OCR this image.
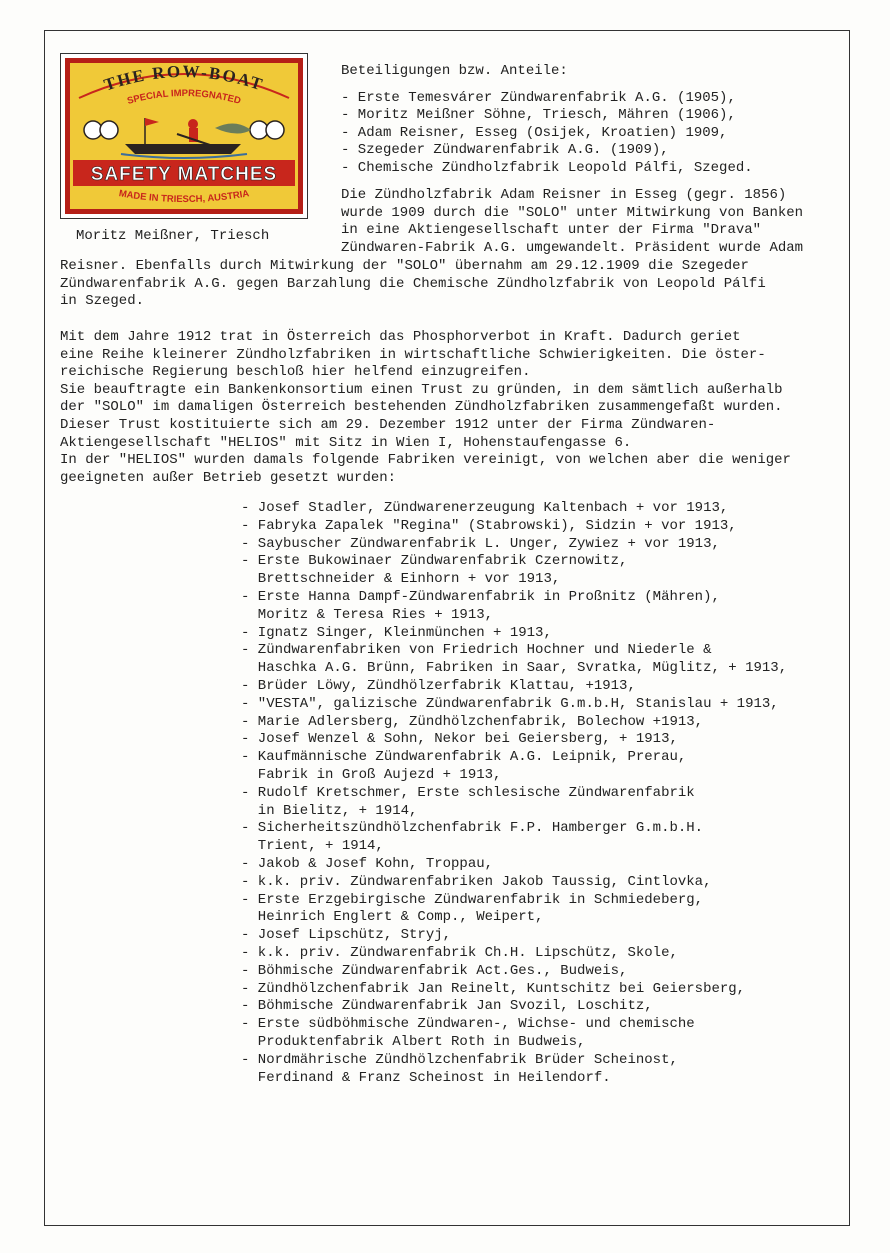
THE ROW-BOAT
SPECIAL IMPREGNATED
SAFETY MATCHES
MADE IN TRIESCH, AUSTRIA
Moritz Meißner, Triesch
Beteiligungen bzw. Anteile:
- Erste Temesvárer Zündwarenfabrik A.G. (1905),
- Moritz Meißner Söhne, Triesch, Mähren (1906),
- Adam Reisner, Esseg (Osijek, Kroatien) 1909,
- Szegeder Zündwarenfabrik A.G. (1909),
- Chemische Zündholzfabrik Leopold Pálfi, Szeged.
Die Zündholzfabrik Adam Reisner in Esseg (gegr. 1856)
wurde 1909 durch die "SOLO" unter Mitwirkung von Banken
in eine Aktiengesellschaft unter der Firma "Drava"
Zündwaren-Fabrik A.G. umgewandelt. Präsident wurde Adam
Reisner. Ebenfalls durch Mitwirkung der "SOLO" übernahm am 29.12.1909 die Szegeder
Zündwarenfabrik A.G. gegen Barzahlung die Chemische Zündholzfabrik von Leopold Pálfi
in Szeged.
Mit dem Jahre 1912 trat in Österreich das Phosphorverbot in Kraft. Dadurch geriet
eine Reihe kleinerer Zündholzfabriken in wirtschaftliche Schwierigkeiten. Die öster-
reichische Regierung beschloß hier helfend einzugreifen.
Sie beauftragte ein Bankenkonsortium einen Trust zu gründen, in dem sämtlich außerhalb
der "SOLO" im damaligen Österreich bestehenden Zündholzfabriken zusammengefaßt wurden.
Dieser Trust kostituierte sich am 29. Dezember 1912 unter der Firma Zündwaren-
Aktiengesellschaft "HELIOS" mit Sitz in Wien I, Hohenstaufengasse 6.
In der "HELIOS" wurden damals folgende Fabriken vereinigt, von welchen aber die weniger
geeigneten außer Betrieb gesetzt wurden:
- Josef Stadler, Zündwarenerzeugung Kaltenbach + vor 1913,
- Fabryka Zapalek "Regina" (Stabrowski), Sidzin + vor 1913,
- Saybuscher Zündwarenfabrik L. Unger, Zywiez + vor 1913,
- Erste Bukowinaer Zündwarenfabrik Czernowitz,
Brettschneider & Einhorn + vor 1913,
- Erste Hanna Dampf-Zündwarenfabrik in Proßnitz (Mähren),
Moritz & Teresa Ries + 1913,
- Ignatz Singer, Kleinmünchen + 1913,
- Zündwarenfabriken von Friedrich Hochner und Niederle &
Haschka A.G. Brünn, Fabriken in Saar, Svratka, Müglitz, + 1913,
- Brüder Löwy, Zündhölzerfabrik Klattau, +1913,
- "VESTA", galizische Zündwarenfabrik G.m.b.H, Stanislau + 1913,
- Marie Adlersberg, Zündhölzchenfabrik, Bolechow +1913,
- Josef Wenzel & Sohn, Nekor bei Geiersberg, + 1913,
- Kaufmännische Zündwarenfabrik A.G. Leipnik, Prerau,
Fabrik in Groß Aujezd + 1913,
- Rudolf Kretschmer, Erste schlesische Zündwarenfabrik
in Bielitz, + 1914,
- Sicherheitszündhölzchenfabrik F.P. Hamberger G.m.b.H.
Trient, + 1914,
- Jakob & Josef Kohn, Troppau,
- k.k. priv. Zündwarenfabriken Jakob Taussig, Cintlovka,
- Erste Erzgebirgische Zündwarenfabrik in Schmiedeberg,
Heinrich Englert & Comp., Weipert,
- Josef Lipschütz, Stryj,
- k.k. priv. Zündwarenfabrik Ch.H. Lipschütz, Skole,
- Böhmische Zündwarenfabrik Act.Ges., Budweis,
- Zündhölzchenfabrik Jan Reinelt, Kuntschitz bei Geiersberg,
- Böhmische Zündwarenfabrik Jan Svozil, Loschitz,
- Erste südböhmische Zündwaren-, Wichse- und chemische
Produktenfabrik Albert Roth in Budweis,
- Nordmährische Zündhölzchenfabrik Brüder Scheinost,
Ferdinand & Franz Scheinost in Heilendorf.
